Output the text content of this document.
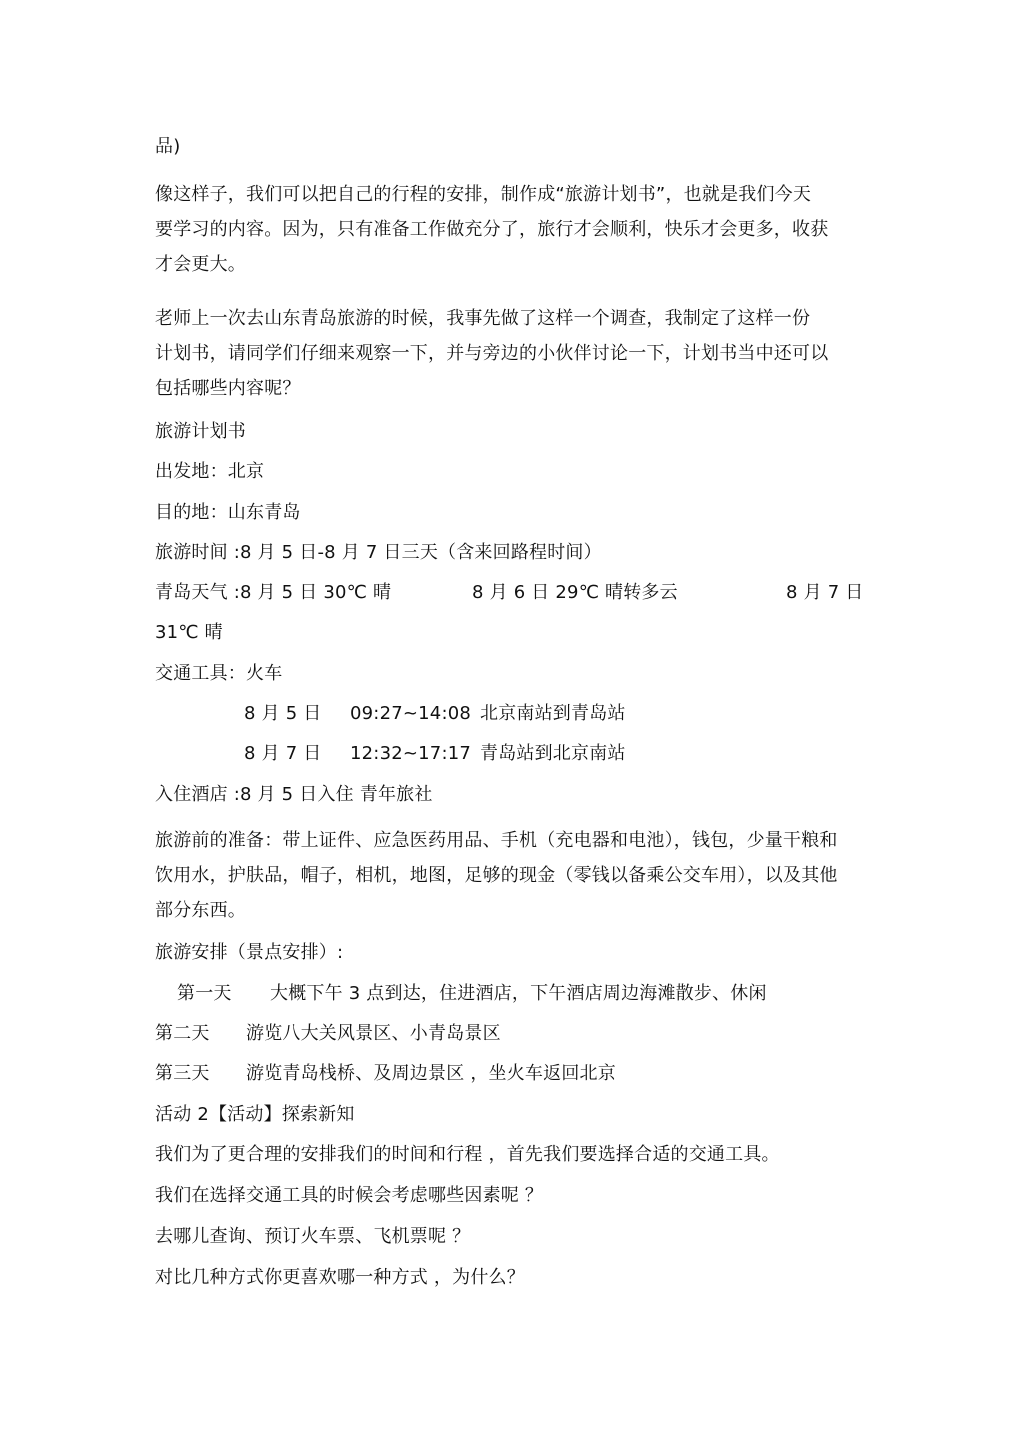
品)
像这样子，我们可以把自己的行程的安排，制作成“旅游计划书”，也就是我们今天
要学习的内容。因为，只有准备工作做充分了，旅行才会顺利，快乐才会更多，收获
才会更大。
老师上一次去山东青岛旅游的时候，我事先做了这样一个调查，我制定了这样一份
计划书，请同学们仔细来观察一下，并与旁边的小伙伴讨论一下，计划书当中还可以
包括哪些内容呢？
旅游计划书
出发地：北京
目的地：山东青岛
旅游时间 :8 月 5 日-8 月 7 日三天（含来回路程时间）
青岛天气 :8 月 5 日 30℃ 晴	8 月 6 日 29℃ 晴转多云	8 月 7 日
31℃ 晴
交通工具：火车
8 月 5 日 09:27~14:08 北京南站到青岛站
8 月 7 日 12:32~17:17 青岛站到北京南站
入住酒店 :8 月 5 日入住 青年旅社
旅游前的准备：带上证件、应急医药用品、手机（充电器和电池），钱包，少量干粮和
饮用水，护肤品，帽子，相机，地图，足够的现金（零钱以备乘公交车用），以及其他
部分东西。
旅游安排（景点安排）:
第一天 大概下午 3 点到达，住进酒店，下午酒店周边海滩散步、休闲
第二天 游览八大关风景区、小青岛景区
第三天 游览青岛栈桥、及周边景区 ，坐火车返回北京
活动 2【活动】探索新知
我们为了更合理的安排我们的时间和行程 ，首先我们要选择合适的交通工具。
我们在选择交通工具的时候会考虑哪些因素呢 ？
去哪儿查询、预订火车票、飞机票呢 ？
对比几种方式你更喜欢哪一种方式 ，为什么？
